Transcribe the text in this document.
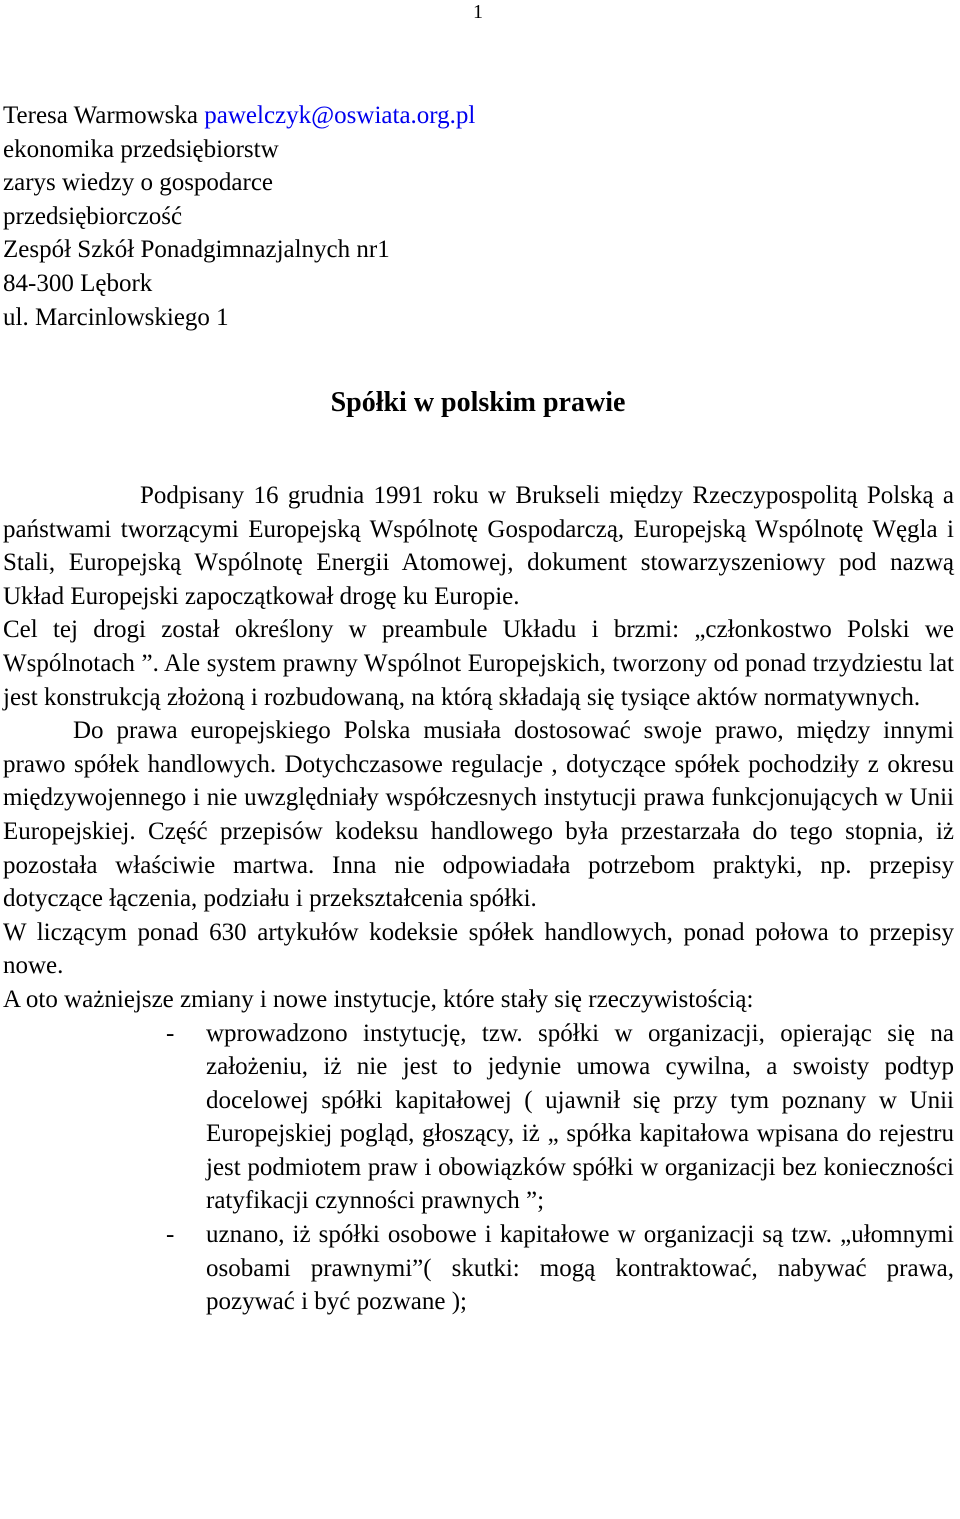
1
Teresa Warmowska pawelczyk@oswiata.org.pl
ekonomika przedsiębiorstw
zarys wiedzy o gospodarce
przedsiębiorczość
Zespół Szkół Ponadgimnazjalnych nr1
84-300 Lębork
ul. Marcinlowskiego 1
Spółki w polskim prawie

Podpisany 16 grudnia 1991 roku w Brukseli między Rzeczypospolitą Polską a państwami tworzącymi Europejską Wspólnotę Gospodarczą, Europejską Wspólnotę Węgla i Stali, Europejską Wspólnotę Energii Atomowej, dokument stowarzyszeniowy pod nazwą Układ Europejski zapoczątkował drogę ku Europie.

Cel tej drogi został określony w preambule Układu i brzmi: „członkostwo Polski we Wspólnotach ”. Ale system prawny Wspólnot Europejskich, tworzony od ponad trzydziestu lat jest konstrukcją złożoną i rozbudowaną, na którą składają się tysiące aktów normatywnych.

Do prawa europejskiego Polska musiała dostosować swoje prawo, między innymi prawo spółek handlowych. Dotychczasowe regulacje , dotyczące spółek pochodziły z okresu międzywojennego i nie uwzględniały współczesnych instytucji prawa funkcjonujących w Unii Europejskiej. Część przepisów kodeksu handlowego była przestarzała do tego stopnia, iż pozostała właściwie martwa. Inna nie odpowiadała potrzebom praktyki, np. przepisy dotyczące łączenia, podziału i przekształcenia spółki.

W liczącym ponad 630 artykułów kodeksie spółek handlowych, ponad połowa to przepisy nowe.

A oto ważniejsze zmiany i nowe instytucje, które stały się rzeczywistością:

- wprowadzono instytucję, tzw. spółki w organizacji, opierając się na założeniu, iż nie jest to jedynie umowa cywilna, a swoisty podtyp docelowej spółki kapitałowej ( ujawnił się przy tym poznany w Unii Europejskiej pogląd, głoszący, iż „ spółka kapitałowa wpisana do rejestru jest podmiotem praw i obowiązków spółki w organizacji bez konieczności ratyfikacji czynności prawnych ”;
- uznano, iż spółki osobowe i kapitałowe w organizacji są tzw. „ułomnymi osobami prawnymi”( skutki: mogą kontraktować, nabywać prawa, pozywać i być pozwane );
